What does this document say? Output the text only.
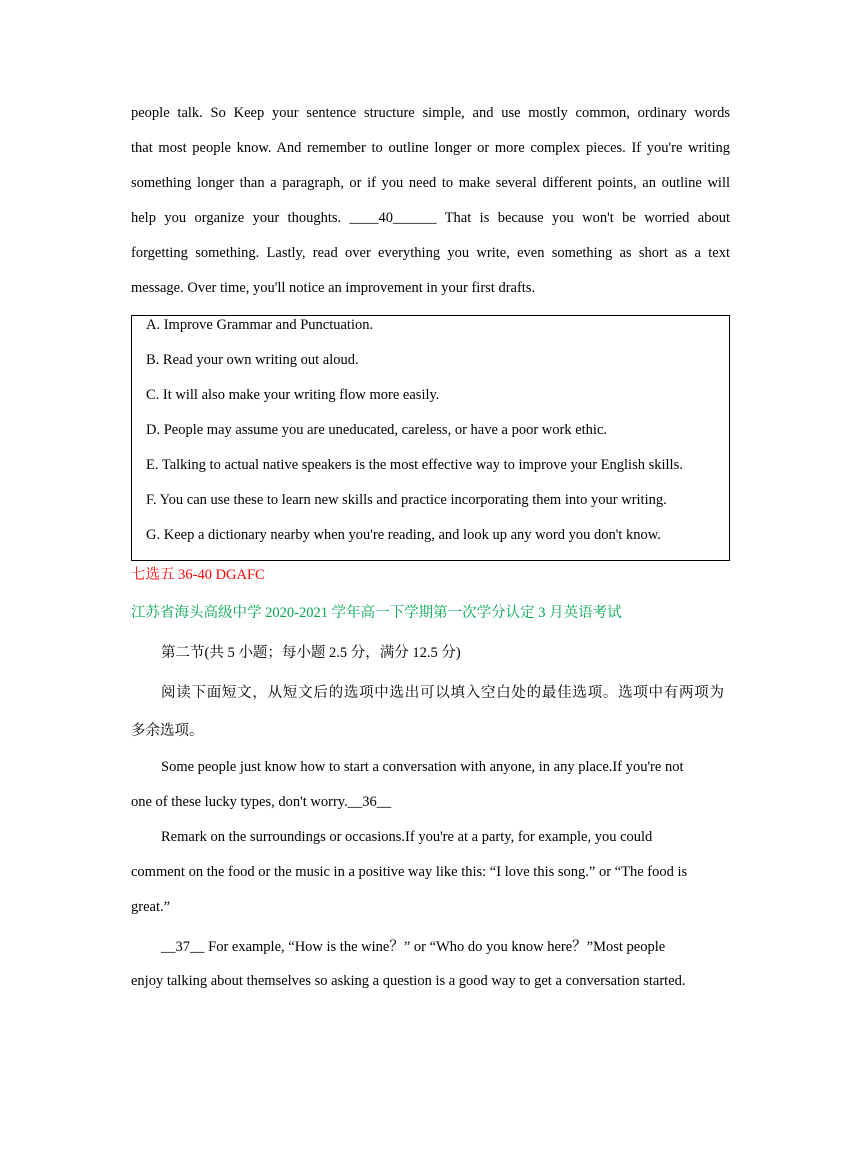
people talk. So Keep your sentence structure simple, and use mostly common, ordinary words
that most people know. And remember to outline longer or more complex pieces. If you're writing
something longer than a paragraph, or if you need to make several different points, an outline will
help you organize your thoughts. ____40______ That is because you won't be worried about
forgetting something. Lastly, read over everything you write, even something as short as a text
message. Over time, you'll notice an improvement in your first drafts.
A. Improve Grammar and Punctuation.
B. Read your own writing out aloud.
C. It will also make your writing flow more easily.
D. People may assume you are uneducated, careless, or have a poor work ethic.
E. Talking to actual native speakers is the most effective way to improve your English skills.
F. You can use these to learn new skills and practice incorporating them into your writing.
G. Keep a dictionary nearby when you're reading, and look up any word you don't know.
七选五 36-40 DGAFC
江苏省海头高级中学 2020-2021 学年高一下学期第一次学分认定 3 月英语考试
第二节(共 5 小题；每小题 2.5 分，满分 12.5 分)
阅读下面短文，从短文后的选项中选出可以填入空白处的最佳选项。选项中有两项为
多余选项。
Some people just know how to start a conversation with anyone, in any place.If you're not
one of these lucky types, don't worry.__36__
Remark on the surroundings or occasions.If you're at a party, for example, you could
comment on the food or the music in a positive way like this: “I love this song.” or “The food is
great.”
__37__ For example, “How is the wine？” or “Who do you know here？”Most people
enjoy talking about themselves so asking a question is a good way to get a conversation started.
